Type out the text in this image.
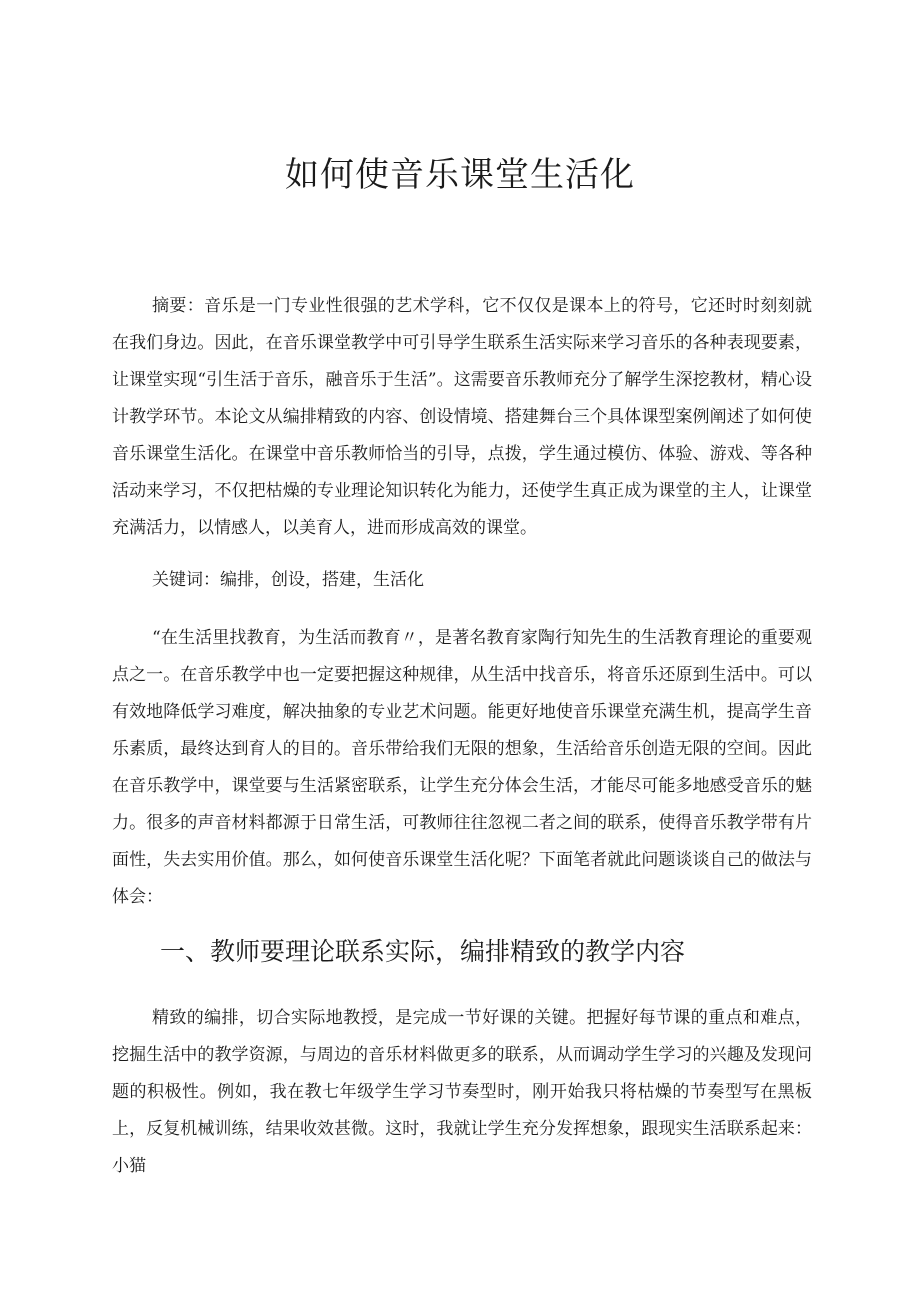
如何使音乐课堂生活化

摘要：音乐是一门专业性很强的艺术学科，它不仅仅是课本上的符号，它还时时刻刻就在我们身边。因此，在音乐课堂教学中可引导学生联系生活实际来学习音乐的各种表现要素，让课堂实现“引生活于音乐，融音乐于生活”。这需要音乐教师充分了解学生深挖教材，精心设计教学环节。本论文从编排精致的内容、创设情境、搭建舞台三个具体课型案例阐述了如何使音乐课堂生活化。在课堂中音乐教师恰当的引导，点拨，学生通过模仿、体验、游戏、等各种活动来学习，不仅把枯燥的专业理论知识转化为能力，还使学生真正成为课堂的主人，让课堂充满活力，以情感人，以美育人，进而形成高效的课堂。

关键词：编排，创设，搭建，生活化

“在生活里找教育，为生活而教育〃，是著名教育家陶行知先生的生活教育理论的重要观点之一。在音乐教学中也一定要把握这种规律，从生活中找音乐，将音乐还原到生活中。可以有效地降低学习难度，解决抽象的专业艺术问题。能更好地使音乐课堂充满生机，提高学生音乐素质，最终达到育人的目的。音乐带给我们无限的想象，生活给音乐创造无限的空间。因此在音乐教学中，课堂要与生活紧密联系，让学生充分体会生活，才能尽可能多地感受音乐的魅力。很多的声音材料都源于日常生活，可教师往往忽视二者之间的联系，使得音乐教学带有片面性，失去实用价值。那么，如何使音乐课堂生活化呢？下面笔者就此问题谈谈自己的做法与体会：

一、教师要理论联系实际，编排精致的教学内容

精致的编排，切合实际地教授，是完成一节好课的关键。把握好每节课的重点和难点，挖掘生活中的教学资源，与周边的音乐材料做更多的联系，从而调动学生学习的兴趣及发现问题的积极性。例如，我在教七年级学生学习节奏型时，刚开始我只将枯燥的节奏型写在黑板上，反复机械训练，结果收效甚微。这时，我就让学生充分发挥想象，跟现实生活联系起来：小猫
